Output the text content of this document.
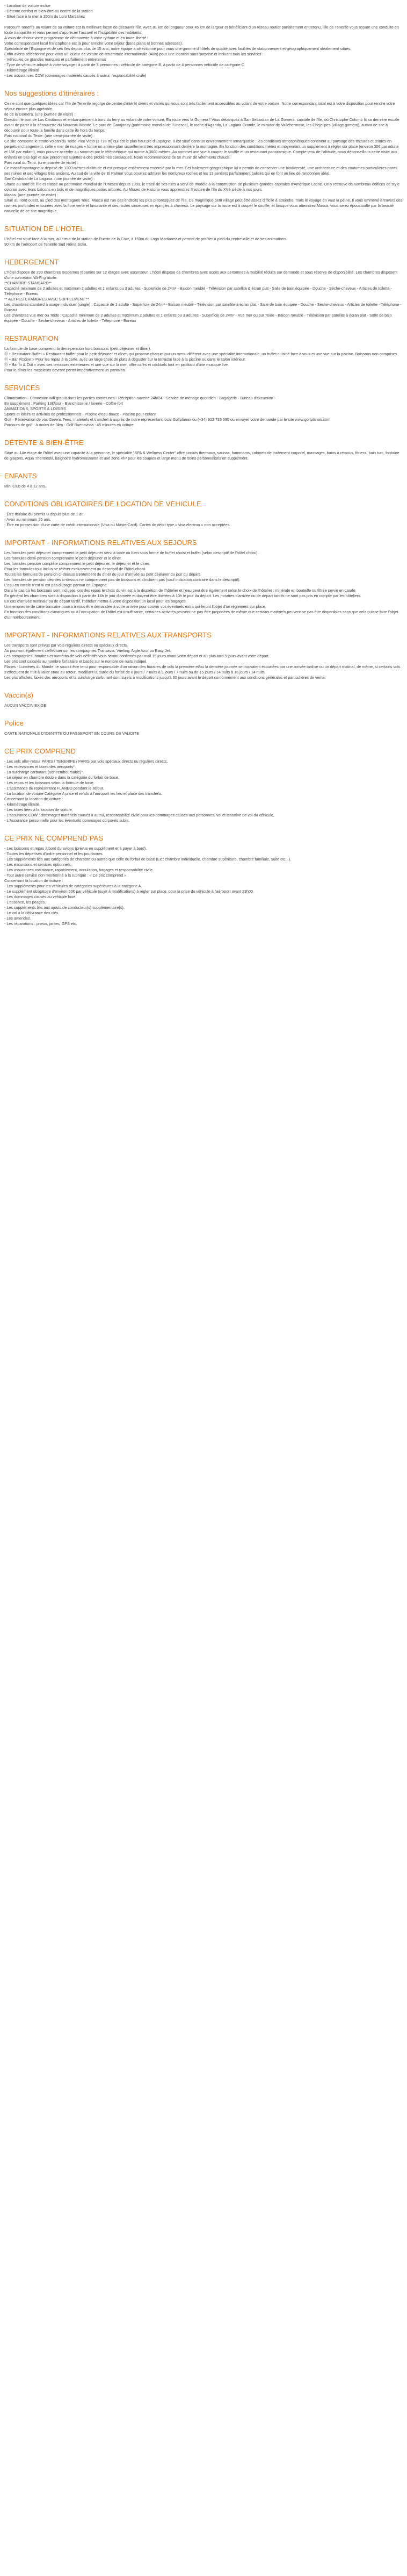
- Location de voiture inclue
- Détente confort et bien-être au centre de la station
- Situé face à la mer à 150m du Loro Martiänez
Parcourir Tenerife au volant de sa voiture est la meilleure façon de découvrir l'île. Avec 81 km de longueur pour 45 km de largeur et bénéficiant d'un réseau routier parfaitement entretenu, l'île de Tenerife vous assure une conduite en toute tranquillité et vous permet d'apprécier l'accueil et l'hospitalité des habitants.
A vous de choisir votre programme de découverte à votre rythme et en toute liberté !
Votre correspondant local francophone est là pour enrichir votre séjour (bons plans et bonnes adresses).
Spécialiste de l'Espagne et de ses îles depuis plus de 15 ans, notre équipe a sélectionné pour vous une gamme d'hôtels de qualité avec facilités de stationnement et géographiquement idéalement situés.
Enfin avons sélectionné pour vous un loueur de voiture de renommée internationale (Avis) pour une location sans surprise et incluant tous les services :
- Véhicules de grandes marques et parfaitement entretenus
- Type de véhicule adapté à votre voyage : à partir de 3 personnes : véhicule de catégorie B, à partir de 4 personnes véhicule de catégorie C
- Kilométrage illimité
- Les assurances CDW (dommages matériels causés à autrui, responsabilité civile)
Nos suggestions d'itinéraires :
Ce ne sont que quelques idées car l'île de Tenerife regorge de centre d'intérêt divers et variés qui vous sont très facilement accessibles au volant de votre voiture. Notre correspondant local est à votre disposition pour rendre votre séjour encore plus agréable.
Ile de la Gomera. (une journée de visite) :
Direction le port de Los Cristianos et embarquement à bord du ferry au volant de votre voiture. En route vers la Gomera ! Vous débarquez à San Sebastian de La Gomera, capitale de l'île, où Christophe Colomb fit sa dernière escale avant de partir à la découverte du Nouveau Monde. Le parc de Garajonay (patrimoine mondial de l'Unesco), le roche d'Agando, La Laguna Grande, le mirador de Vallehermoso, les Chejelipes (village gomero), autant de site à découvrir pour toute la famille dans cette île hors du temps.
Parc national du Teide. (une demi-journée de visite) :
Ce site comporte le strato-volcan du Teide-Pico Viejo (3 718 m) qui est le plus haut pic d'Espagne. Il est situé dans un environnement remarquable : les conditions atmosphériques continent au paysage des textures et teintes en perpétuel changement, celle « mer de nuages » forme un arrière-plan visuellement très impressionnant derrière la montagne. En fonction des conditions météo et moyennant un supplément à régler sur place (environ 30€ par adulte et 15€ par enfant), vous pouvez accéder au sommet par le téléphérique qui monte à 3600 mètres. Au sommet une vue à couper le souffle et un restaurant panoramique. Compte tenu de l'altitude, nous déconseillons cette visite aux enfants en bas âge et aux personnes sujettes à des problèmes cardiaques. Nous recommandons de se munir de vêtements chauds.
Parc rural du Teno. (une journée de visite) :
Ce massif montagneux déposé de 1300 mètres d'altitude et est presque entièrement encerclé par la mer. Cet isolement géographique lui a permis de conserver une biodiversité, une architecture et des coutumes particulières parmi ses ruines et ses villages très anciens. Au sud de la ville de El Palmar vous pourrez admirer les nombreux roches et les 13 sentiers parfaitement balisés qui en font un lieu de randonnée idéal.
San Cristobal de La Laguna. (une journée de visite) :
Située au nord de l'île et classé au patrimoine mondial de l'Unesco depuis 1999, le tracé de ses rues a servi de modèle à la construction de plusieurs grandes capitales d'Amérique Latine. On y retrouve de nombreux édifices de style colonial avec leurs balcons en bois et de magnifiques patios arborés. Au Museo de Historia vous apprendrez l'histoire de l'île du XVè siècle à nos jours.
Masca. (une journée de visite) :
Situé au nord ouest, au pied des montagnes Teno, Masca est l'un des endroits les plus pittoresques de l'île. Ce magnifique petit village peut être assez difficile à atteindre, mais le voyage en vaut la peine. Il vous emmené à travers des ravines profondes entourées avec la flore verte et luxuriante et des routes sinueuses en épingles à cheveux. Le paysage sur la route est à couper le souffle, et lorsque vous atteindrez Masca, vous serez époustouflé par la beauté naturelle de ce site magnifique.
SITUATION DE L'HOTEL
L'hôtel est situé face à la mer, au cœur de la station de Puerto de la Cruz, à 150m du Lago Martianez et permet de profiter à pied du centre-ville et de ses animations.
90 km de l'aéroport de Tenerife Sud Reina Sofia.
HEBERGEMENT
L'hôtel dispose de 290 chambres modernes réparties sur 12 étages avec ascenseur. L'hôtel dispose de chambres avec accès aux personnes à mobilité réduite sur demande et sous réserve de disponibilité. Les chambres disposent d'une connexion Wi-Fi gratuite.
**CHAMBRE STANDARD**
Capacité minimum de 2 adultes et maximum 2 adultes et 1 enfants ou 3 adultes - Superficie de 24m² - Balcon meublé - Télévision par satellite & écran plat - Salle de bain équipée - Douche - Sèche-cheveux - Articles de toilette - Téléphone - Bureau
** AUTRES CHAMBRES AVEC SUPPLEMENT **
Les chambres standard à usage individuel (single) : Capacité de 1 adulte - Superficie de 24m² - Balcon meublé - Télévision par satellite à écran plat - Salle de bain équipée - Douche - Sèche-cheveux - Articles de toilette - Téléphone - Bureau
Les chambres vue mer ou Teide : Capacité minimum de 2 adultes et maximum 2 adultes et 1 enfants ou 3 adultes - Superficie de 24m² - Vue mer ou sur Teide - Balcon meublé - Télévision par satellite à écran plat - Salle de bain équipée - Douche - Sèche-cheveux - Articles de toilette - Téléphone - Bureau
RESTAURATION
La formule de base comprend la demi-pension hors boissons (petit déjeuner et dîner).
Ⓞ • Restaurant Buffet » Restaurant buffet pour le petit déjeuner et dîner, qui propose chaque jour un menu différent avec une spécialité internationale, un buffet cuisiné face à vous et une vue sur la piscine. Boissons non comprises
Ⓞ • Bar Piscine » Pour les repas à la carte, avec un large choix de plats à déguster sur la terrasse face à la piscine ou dans le salon intérieur.
Ⓞ • Bar In & Out » avec ses terrasses extérieures et une vue sur la mer, offre cafés et cocktails tout en profitant d'une musique live.
Pour le dîner les messieurs devront porter impérativement un pantalon.
SERVICES
Climatisation - Connexion wifi gratuit dans les parties communes - Réception ouverte 24h/24 - Service de ménage quotidien - Bagagerie - Bureau d'excursion -
En supplément : Parking 13€/jour - Blanchisserie / laverie - Coffre-fort
ANIMATIONS, SPORTS & LOISIRS
Sports et loisirs et activités de professionnels - Piscine d'eau douce - Piscine pour enfant
Golf - Réservation de vos Greens Fees, matériels et transfert à auprès de notre représentant local Golfplanax ou (+34) 922 735 695 ou envoyer votre demande par le site www.golfplanax.com
Parcours de golf : à moins de 3km - Golf Buenavista : 45 minutes en voiture
DÉTENTE & BIEN-ÊTRE
Situé au 14e étage de l'hôtel avec une capacité à la personne, le spécialité "SPA & Wellness Center" offre circuits thermaux, saunas, hammams, cabinets de traitement corporel, massages, bains à remous, fitness, bain turc, fontaine de glaçons, Aqua Thermostil, baignoire hydromassante et une zone VIP pour les couples et large menu de soins personnalisés en supplément.
ENFANTS
Mini Club de 4 à 12 ans.
CONDITIONS OBLIGATOIRES DE LOCATION DE VEHICULE
- Être titulaire du permis B depuis plus de 1 an.
- Avoir au minimum 25 ans.
- Être en possession d'une carte de crédit internationale (Visa ou MasterCard). Cartes de débit type « visa electron » non acceptées.
IMPORTANT - INFORMATIONS RELATIVES AUX SEJOURS
Les formules petit déjeuner comprennent le petit déjeuner servi à table ou bien sous forme de buffet choisi et buffet (selon descriptif de l'hôtel choisi).
Les formules demi-pension comprennent le petit déjeuner et le dîner.
Les formules pension complète comprennent le petit déjeuner, le déjeuner et le dîner.
Pour les formules tout inclus se référer exclusivement au descriptif de l'hôtel choisi.
Toutes les formules de pension ci-dessus s'entendent du dîner du jour d'arrivée au petit déjeuner du jour du départ.
Les formules de pension décrites ci-dessus ne comprennent pas de boissons et s'incluent pas (sauf indication contraire dans le descriptif).
L'eau en carafe n'est ni est pas d'usage partout en Espagne.
Dans le cas où les boissons sont incluses lors des repas le choix du vin est à la discrétion de l'hôtelier et l'eau peut être également selon le choix de l'hôtelier : minérale en bouteille ou filtrée servie en carafe.
En général les chambres sont à disposition à partir de 14h le jour d'arrivée et doivent être libérées à 10h le jour du départ. Les horaires d'arrivée ou de départ tardifs ne sont pas pris en compte par les hôteliers.
En cas d'arrivée matinale ou de départ tardif, l'hôtelier mettra à votre disposition un local pour les bagages.
Une empreinte de carte bancaire pourra à vous être demandée à votre arrivée pour couvrir vos éventuels extra qui feront l'objet d'un règlement sur place.
En fonction des conditions climatiques ou à l'occupation de l'hôtel est insuffisante, certaines activités peuvent ne pas être proposées de même que certains matériels peuvent ne pas être disponibles sans que cela puisse faire l'objet d'un remboursement.
IMPORTANT - INFORMATIONS RELATIVES AUX TRANSPORTS
Les transports sont prévus par vols réguliers directs ou spéciaux directs.
Au pourront également s'effectuer sur les compagnies Transavia, Vueling, Aigle Azur ou Easy Jet.
Les compagnies, horaires et numéros de vols définitifs vous seront confirmés par mail 15 jours avant votre départ et au plus tard 5 jours avant votre départ.
Les prix sont calculés au nombre forfaitaire et basés sur le nombre de nuits indiqué.
Flanes - Lumières du Monde ne saurait être tenu pour responsable d'un raison des horaires de vols la première et/ou la dernière journée se trouvaient écourtées par une arrivée tardive ou un départ matinal, de même, si certains vols s'effectuent de nuit à l'aller et/ou au retour, modifiant la durée du forfait de 8 jours / 7 nuits à 9 jours / 7 nuits ou de 15 jours / 14 nuits à 16 jours / 14 nuits.
Les prix affichés, taxes des aéroports et la surcharge carburant sont sujets à modifications jusqu'à 30 jours avant le départ conformément aux conditions générales et particulières de vente.
Vaccin(s)
AUCUN VACCIN EXIGE
Police
CARTE NATIONALE D'IDENTITE OU PASSEPORT EN COURS DE VALIDITE
CE PRIX COMPREND
- Les vols aller-retour PARIS / TENERIFE / PARIS par vols spéciaux directs ou réguliers directs.
- Les redevances et taxes des aéroports*.
- La surcharge carburant (non remboursable)*.
- Le séjour en chambre double dans la catégorie du forfait de base.
- Les repas et les boissons selon la formule de base.
- L'assistance du représentant FLANEO pendant le séjour.
- La location de voiture Catégorie A prise et rendu à l'aéroport les lieu et place des transferts.
Concernant la location de voiture :
- Kilométrage illimité.
- Les taxes liées à la location de voiture.
- L'assurance CDW : dommages matériels causés à autrui, responsabilité civile pour les dommages causés aux personnes, vol et tentative de vol du véhicule.
- L'Assurance personnelle pour les éventuels dommages corporels subis.
CE PRIX NE COMPREND PAS
- Les boissons et repas à bord du avions (prévus en supplément et à payer à bord).
- Toutes les dépenses d'ordre personnel et les pourboires.
- Les suppléments liés aux catégories de chambre ou autres que celle du forfait de base (Ex : chambre individuelle, chambre supérieure, chambre familiale, suite etc...).
- Les excursions et services optionnels.
- Les assurances assistance, rapatriement, annulation, bagages et responsabilité civile.
- Tout autre service non mentionné à la rubrique : « Ce prix comprend ».
Concernant la location de voiture :
- Les suppléments pour les véhicules de catégories supérieures à la catégorie A.
- Le supplément obligatoire d'environ 50€ par véhicule (sujet à modifications) à régler sur place, pour la prise du véhicule à l'aéroport avant 23h00.
- Les dommages causés au véhicule loué.
- L'essence, les péages.
- Les suppléments liés aux ajouts de conducteur(s) supplémentaire(s).
- Le vol à la délivrance des clés.
- Les amendes.
- Les réparations : pneus, jantes, GPS etc.
